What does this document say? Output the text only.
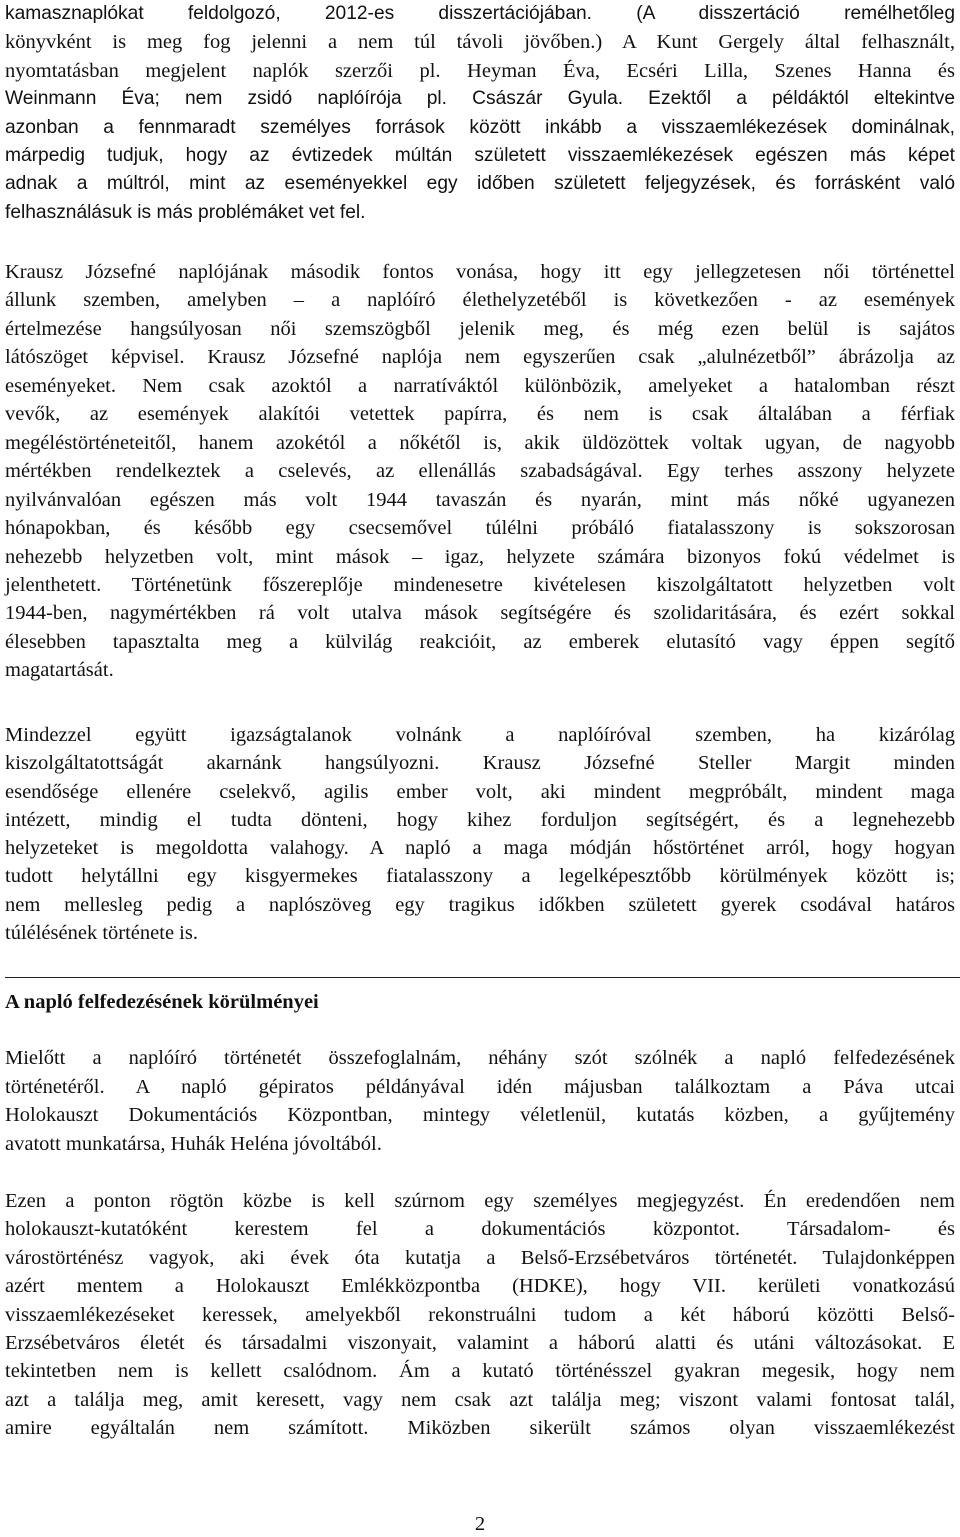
kamasznaplókat feldolgozó, 2012-es disszertációjában. (A disszertáció remélhetőleg
könyvként is meg fog jelenni a nem túl távoli jövőben.) A Kunt Gergely által felhasznált,
nyomtatásban megjelent naplók szerzői pl. Heyman Éva, Ecséri Lilla, Szenes Hanna és
Weinmann Éva; nem zsidó naplóírója pl. Császár Gyula. Ezektől a példáktól eltekintve
azonban a fennmaradt személyes források között inkább a visszaemlékezések dominálnak,
márpedig tudjuk, hogy az évtizedek múltán született visszaemlékezések egészen más képet
adnak a múltról, mint az eseményekkel egy időben született feljegyzések, és forrásként való
felhasználásuk is más problémáket vet fel.
Krausz Józsefné naplójának második fontos vonása, hogy itt egy jellegzetesen női történettel
állunk szemben, amelyben – a naplóíró élethelyzetéből is következően - az események
értelmezése hangsúlyosan női szemszögből jelenik meg, és még ezen belül is sajátos
látószöget képvisel. Krausz Józsefné naplója nem egyszerűen csak „alulnézetből” ábrázolja az
eseményeket. Nem csak azoktól a narratíváktól különbözik, amelyeket a hatalomban részt
vevők, az események alakítói vetettek papírra, és nem is csak általában a férfiak
megéléstörténeteitől, hanem azokétól a nőkétől is, akik üldözöttek voltak ugyan, de nagyobb
mértékben rendelkeztek a cselevés, az ellenállás szabadságával. Egy terhes asszony helyzete
nyilvánvalóan egészen más volt 1944 tavaszán és nyarán, mint más nőké ugyanezen
hónapokban, és később egy csecsemővel túlélni próbáló fiatalasszony is sokszorosan
nehezebb helyzetben volt, mint mások – igaz, helyzete számára bizonyos fokú védelmet is
jelenthetett. Történetünk főszereplője mindenesetre kivételesen kiszolgáltatott helyzetben volt
1944-ben, nagymértékben rá volt utalva mások segítségére és szolidaritására, és ezért sokkal
élesebben tapasztalta meg a külvilág reakcióit, az emberek elutasító vagy éppen segítő
magatartását.
Mindezzel együtt igazságtalanok volnánk a naplóíróval szemben, ha kizárólag
kiszolgáltatottságát akarnánk hangsúlyozni. Krausz Józsefné Steller Margit minden
esendősége ellenére cselekvő, agilis ember volt, aki mindent megpróbált, mindent maga
intézett, mindig el tudta dönteni, hogy kihez forduljon segítségért, és a legnehezebb
helyzeteket is megoldotta valahogy. A napló a maga módján hőstörténet arról, hogy hogyan
tudott helytállni egy kisgyermekes fiatalasszony a legelképesztőbb körülmények között is;
nem mellesleg pedig a naplószöveg egy tragikus időkben született gyerek csodával határos
túlélésének története is.
A napló felfedezésének körülményei
Mielőtt a naplóíró történetét összefoglalnám, néhány szót szólnék a napló felfedezésének
történetéről. A napló gépiratos példányával idén májusban találkoztam a Páva utcai
Holokauszt Dokumentációs Központban, mintegy véletlenül, kutatás közben, a gyűjtemény
avatott munkatársa, Huhák Heléna jóvoltából.
Ezen a ponton rögtön közbe is kell szúrnom egy személyes megjegyzést. Én eredendően nem
holokauszt-kutatóként kerestem fel a dokumentációs központot. Társadalom- és
várostörténész vagyok, aki évek óta kutatja a Belső-Erzsébetváros történetét. Tulajdonképpen
azért mentem a Holokauszt Emlékközpontba (HDKE), hogy VII. kerületi vonatkozású
visszaemlékezéseket keressek, amelyekből rekonstruálni tudom a két háború közötti Belső-
Erzsébetváros életét és társadalmi viszonyait, valamint a háború alatti és utáni változásokat. E
tekintetben nem is kellett csalódnom. Ám a kutató történésszel gyakran megesik, hogy nem
azt a találja meg, amit keresett, vagy nem csak azt találja meg; viszont valami fontosat talál,
amire egyáltalán nem számított. Miközben sikerült számos olyan visszaemlékezést
2
